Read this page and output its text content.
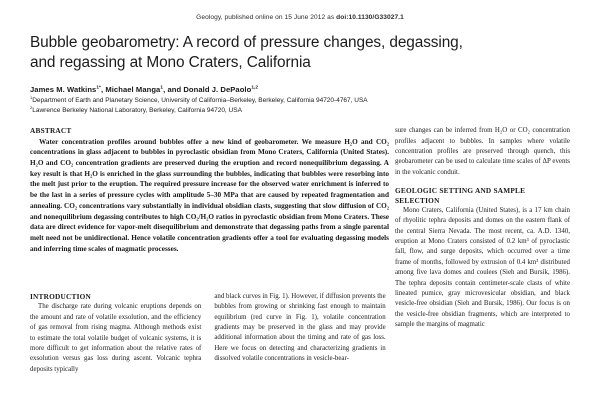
Geology, published online on 15 June 2012 as doi:10.1130/G33027.1
Bubble geobarometry: A record of pressure changes, degassing,
and regassing at Mono Craters, California
James M. Watkins$^{1*}$, Michael Manga$^1$, and Donald J. DePaolo$^{1,2}$
$^1$Department of Earth and Planetary Science, University of California–Berkeley, Berkeley, California 94720-4767, USA
$^2$Lawrence Berkeley National Laboratory, Berkeley, California 94720, USA
ABSTRACT

Water concentration profiles around bubbles offer a new kind of geobarometer. We measure H₂O and CO₂ concentrations in glass adjacent to bubbles in pyroclastic obsidian from Mono Craters, California (United States). H₂O and CO₂ concentration gradients are preserved during the eruption and record nonequilibrium degassing. A key result is that H₂O is enriched in the glass surrounding the bubbles, indicating that bubbles were resorbing into the melt just prior to the eruption. The required pressure increase for the observed water enrichment is inferred to be the last in a series of pressure cycles with amplitude 5–30 MPa that are caused by repeated fragmentation and annealing. CO₂ concentrations vary substantially in individual obsidian clasts, suggesting that slow diffusion of CO₂ and nonequilibrium degassing contributes to high CO₂/H₂O ratios in pyroclastic obsidian from Mono Craters. These data are direct evidence for vapor-melt disequilibrium and demonstrate that degassing paths from a single parental melt need not be unidirectional. Hence volatile concentration gradients offer a tool for evaluating degassing models and inferring time scales of magmatic processes.

sure changes can be inferred from H₂O or CO₂ concentration profiles adjacent to bubbles. In samples where volatile concentration profiles are preserved through quench, this geobarometer can be used to calculate time scales of ΔP events in the volcanic conduit.

GEOLOGIC SETTING AND SAMPLE
SELECTION

Mono Craters, California (United States), is a 17 km chain of rhyolitic tephra deposits and domes on the eastern flank of the central Sierra Nevada. The most recent, ca. A.D. 1340, eruption at Mono Craters consisted of 0.2 km³ of pyroclastic fall, flow, and surge deposits, which occurred over a time frame of months, followed by extrusion of 0.4 km³ distributed among five lava domes and coulees (Sieh and Bursik, 1986). The tephra deposits contain centimeter-scale clasts of white lineated pumice, gray microvesicular obsidian, and black vesicle-free obsidian (Sieh and Bursik, 1986). Our focus is on the vesicle-free obsidian fragments, which are interpreted to sample the margins of magmatic

INTRODUCTION

The discharge rate during volcanic eruptions depends on the amount and rate of volatile exsolution, and the efficiency of gas removal from rising magma. Although methods exist to estimate the total volatile budget of volcanic systems, it is more difficult to get information about the relative rates of exsolution versus gas loss during ascent. Volcanic tephra deposits typically

and black curves in Fig. 1). However, if diffusion prevents the bubbles from growing or shrinking fast enough to maintain equilibrium (red curve in Fig. 1), volatile concentration gradients may be preserved in the glass and may provide additional information about the timing and rate of gas loss. Here we focus on detecting and characterizing gradients in dissolved volatile concentrations in vesicle-bear-
